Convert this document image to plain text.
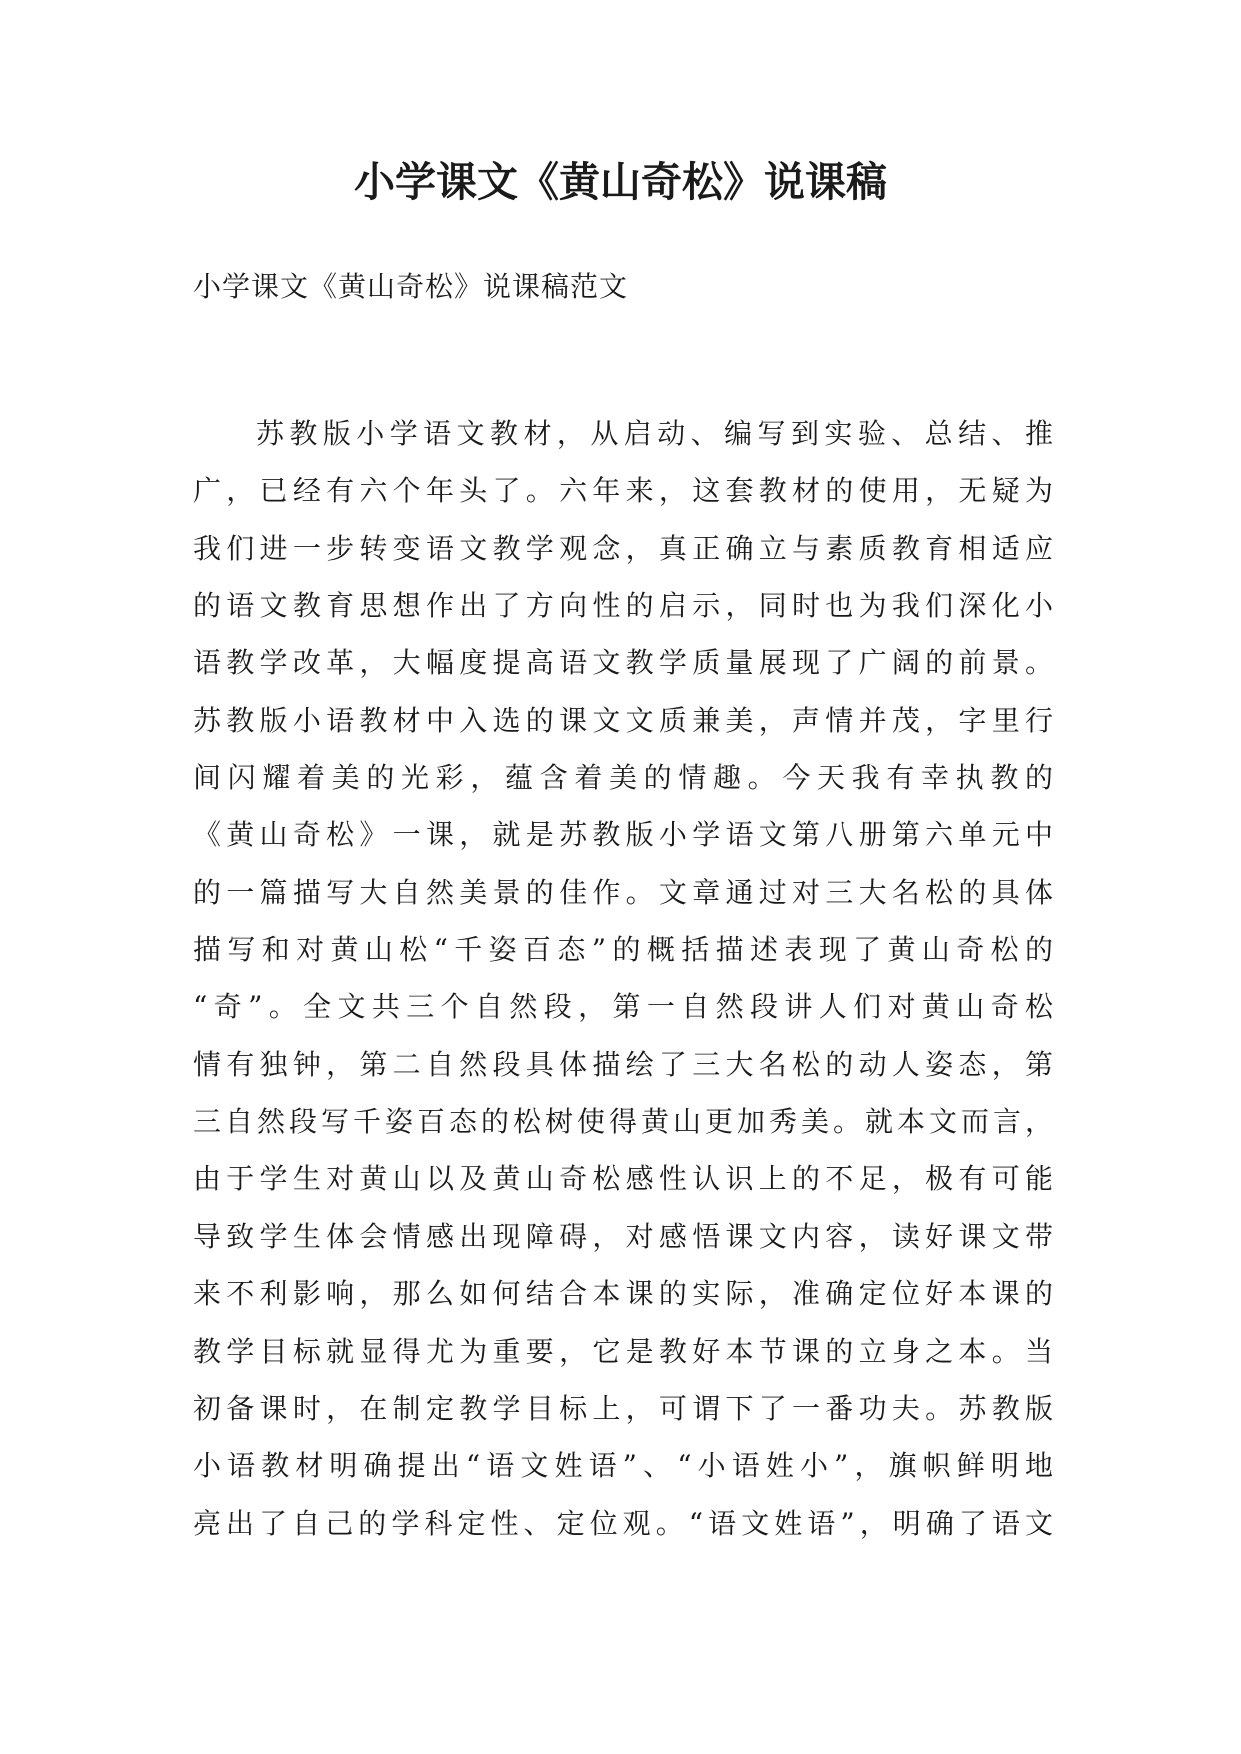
小学课文《黄山奇松》说课稿

小学课文《黄山奇松》说课稿范文

苏教版小学语文教材，从启动、编写到实验、总结、推
广，已经有六个年头了。六年来，这套教材的使用，无疑为
我们进一步转变语文教学观念，真正确立与素质教育相适应
的语文教育思想作出了方向性的启示，同时也为我们深化小
语教学改革，大幅度提高语文教学质量展现了广阔的前景。
苏教版小语教材中入选的课文文质兼美，声情并茂，字里行
间闪耀着美的光彩，蕴含着美的情趣。今天我有幸执教的
《黄山奇松》一课，就是苏教版小学语文第八册第六单元中
的一篇描写大自然美景的佳作。文章通过对三大名松的具体
描写和对黄山松“千姿百态”的概括描述表现了黄山奇松的
“奇”。全文共三个自然段，第一自然段讲人们对黄山奇松
情有独钟，第二自然段具体描绘了三大名松的动人姿态，第
三自然段写千姿百态的松树使得黄山更加秀美。就本文而言，
由于学生对黄山以及黄山奇松感性认识上的不足，极有可能
导致学生体会情感出现障碍，对感悟课文内容，读好课文带
来不利影响，那么如何结合本课的实际，准确定位好本课的
教学目标就显得尤为重要，它是教好本节课的立身之本。当
初备课时，在制定教学目标上，可谓下了一番功夫。苏教版
小语教材明确提出“语文姓语”、“小语姓小”，旗帜鲜明地
亮出了自己的学科定性、定位观。“语文姓语”，明确了语文
